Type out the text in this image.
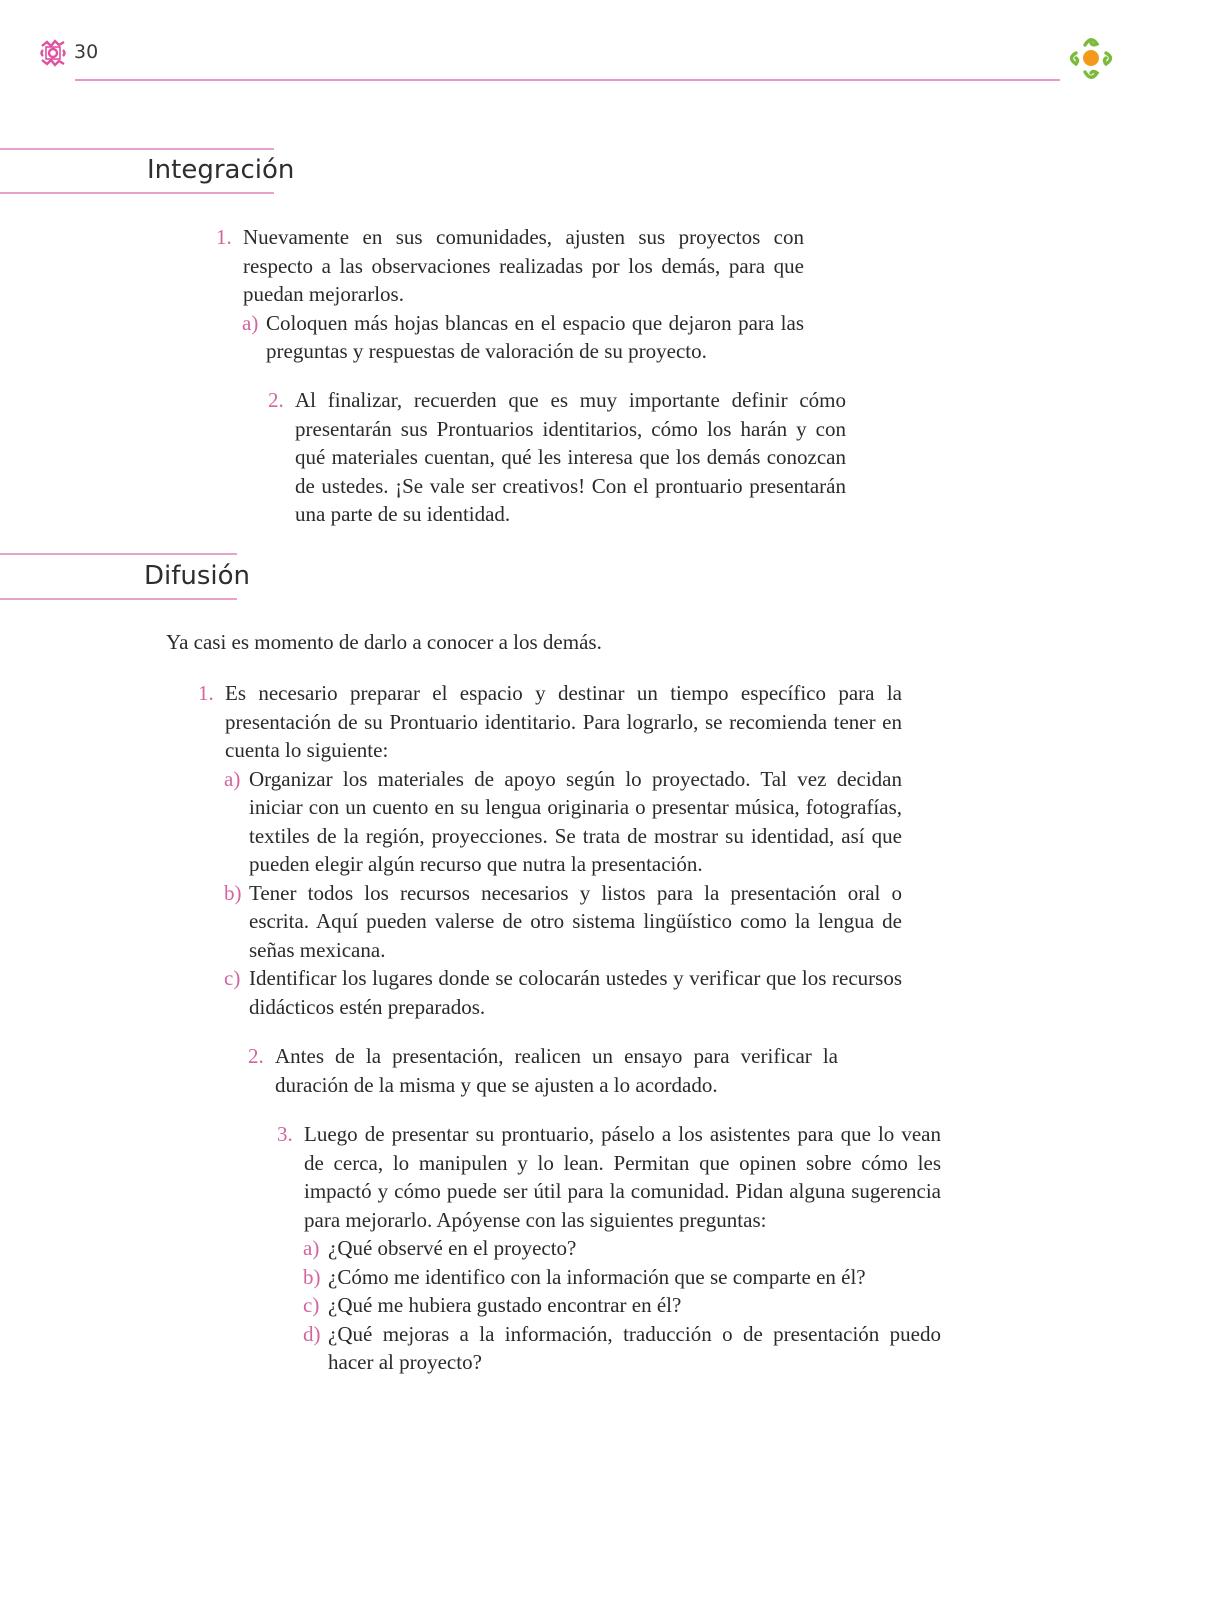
30
Integración
1. Nuevamente en sus comunidades, ajusten sus proyectos con respecto a las observaciones realizadas por los demás, para que puedan mejorarlos.
a) Coloquen más hojas blancas en el espacio que dejaron para las preguntas y respuestas de valoración de su proyecto.
2. Al finalizar, recuerden que es muy importante definir cómo presentarán sus Prontuarios identitarios, cómo los harán y con qué materiales cuentan, qué les interesa que los demás conozcan de ustedes. ¡Se vale ser creativos! Con el prontuario presentarán una parte de su identidad.
Difusión
Ya casi es momento de darlo a conocer a los demás.
1. Es necesario preparar el espacio y destinar un tiempo específico para la presentación de su Prontuario identitario. Para lograrlo, se recomienda tener en cuenta lo siguiente:
a) Organizar los materiales de apoyo según lo proyectado. Tal vez decidan iniciar con un cuento en su lengua originaria o presentar música, fotografías, textiles de la región, proyecciones. Se trata de mostrar su identidad, así que pueden elegir algún recurso que nutra la presentación.
b) Tener todos los recursos necesarios y listos para la presentación oral o escrita. Aquí pueden valerse de otro sistema lingüístico como la lengua de señas mexicana.
c) Identificar los lugares donde se colocarán ustedes y verificar que los recursos didácticos estén preparados.
2. Antes de la presentación, realicen un ensayo para verificar la duración de la misma y que se ajusten a lo acordado.
3. Luego de presentar su prontuario, páselo a los asistentes para que lo vean de cerca, lo manipulen y lo lean. Permitan que opinen sobre cómo les impactó y cómo puede ser útil para la comunidad. Pidan alguna sugerencia para mejorarlo. Apóyense con las siguientes preguntas:
a) ¿Qué observé en el proyecto?
b) ¿Cómo me identifico con la información que se comparte en él?
c) ¿Qué me hubiera gustado encontrar en él?
d) ¿Qué mejoras a la información, traducción o de presentación puedo hacer al proyecto?
